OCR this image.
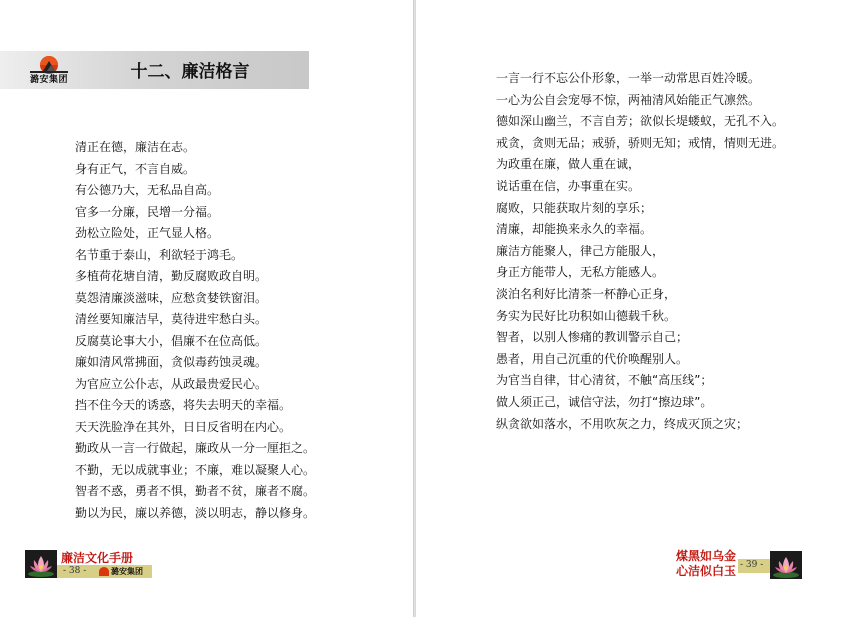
潞安集团	十二、廉洁格言
清正在德，廉洁在志。
身有正气，不言自威。
有公德乃大，无私品自高。
官多一分廉，民增一分福。
劲松立险处，正气显人格。
名节重于泰山，利欲轻于鸿毛。
多植荷花塘自清，勤反腐败政自明。
莫怨清廉淡滋味，应愁贪婪铁窗泪。
清丝要知廉洁早，莫待进牢愁白头。
反腐莫论事大小，倡廉不在位高低。
廉如清风常拂面，贪似毒药蚀灵魂。
为官应立公仆志，从政最贵爱民心。
挡不住今天的诱惑，将失去明天的幸福。
天天洗脸净在其外，日日反省明在内心。
勤政从一言一行做起，廉政从一分一厘拒之。
不勤，无以成就事业；不廉，难以凝聚人心。
智者不惑，勇者不惧，勤者不贫，廉者不腐。
勤以为民，廉以养德，淡以明志，静以修身。
廉洁文化手册
- 38 -	潞安集团
一言一行不忘公仆形象，一举一动常思百姓冷暖。
一心为公自会宠辱不惊，两袖清风始能正气凛然。
德如深山幽兰，不言自芳；欲似长堤蝼蚁，无孔不入。
戒贪，贪则无品；戒骄，骄则无知；戒情，情则无进。
为政重在廉，做人重在诚，
说话重在信，办事重在实。
腐败，只能获取片刻的享乐；
清廉，却能换来永久的幸福。
廉洁方能聚人，律己方能服人，
身正方能带人，无私方能感人。
淡泊名利好比清茶一杯静心正身，
务实为民好比功积如山德载千秋。
智者，以别人惨痛的教训警示自己；
愚者，用自己沉重的代价唤醒别人。
为官当自律，甘心清贫，不触“高压线”；
做人须正己，诚信守法，勿打“擦边球”。
纵贪欲如落水，不用吹灰之力，终成灭顶之灾；
煤黑如乌金
心洁似白玉 - 39 -
